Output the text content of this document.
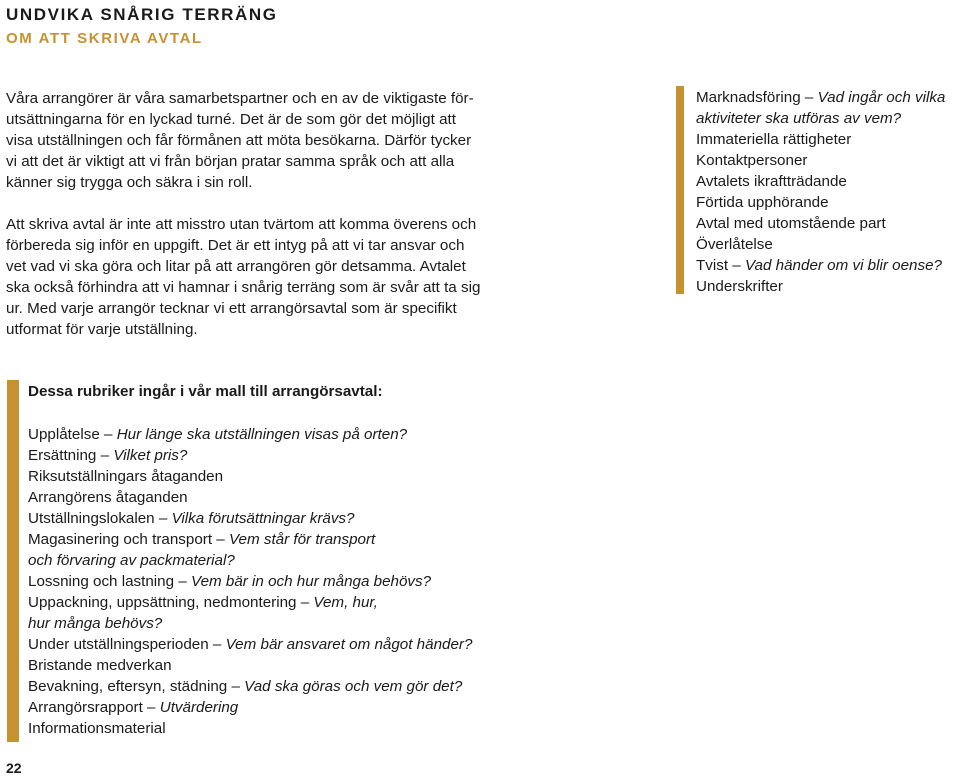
UNDVIKA SNÅRIG TERRÄNG
OM ATT SKRIVA AVTAL

Våra arrangörer är våra samarbetspartner och en av de viktigaste för-
utsättningarna för en lyckad turné. Det är de som gör det möjligt att
visa utställningen och får förmånen att möta besökarna. Därför tycker
vi att det är viktigt att vi från början pratar samma språk och att alla
känner sig trygga och säkra i sin roll.

Att skriva avtal är inte att misstro utan tvärtom att komma överens och
förbereda sig inför en uppgift. Det är ett intyg på att vi tar ansvar och
vet vad vi ska göra och litar på att arrangören gör detsamma. Avtalet
ska också förhindra att vi hamnar i snårig terräng som är svår att ta sig
ur. Med varje arrangör tecknar vi ett arrangörsavtal som är specifikt
utformat för varje utställning.

Marknadsföring – Vad ingår och vilka
aktiviteter ska utföras av vem?
Immateriella rättigheter
Kontaktpersoner
Avtalets ikraftträdande
Förtida upphörande
Avtal med utomstående part
Överlåtelse
Tvist – Vad händer om vi blir oense?
Underskrifter
Dessa rubriker ingår i vår mall till arrangörsavtal:
Upplåtelse – Hur länge ska utställningen visas på orten?
Ersättning – Vilket pris?
Riksutställningars åtaganden
Arrangörens åtaganden
Utställningslokalen – Vilka förutsättningar krävs?
Magasinering och transport – Vem står för transport
och förvaring av packmaterial?
Lossning och lastning – Vem bär in och hur många behövs?
Uppackning, uppsättning, nedmontering – Vem, hur,
hur många behövs?
Under utställningsperioden – Vem bär ansvaret om något händer?
Bristande medverkan
Bevakning, eftersyn, städning – Vad ska göras och vem gör det?
Arrangörsrapport – Utvärdering
Informationsmaterial
22
